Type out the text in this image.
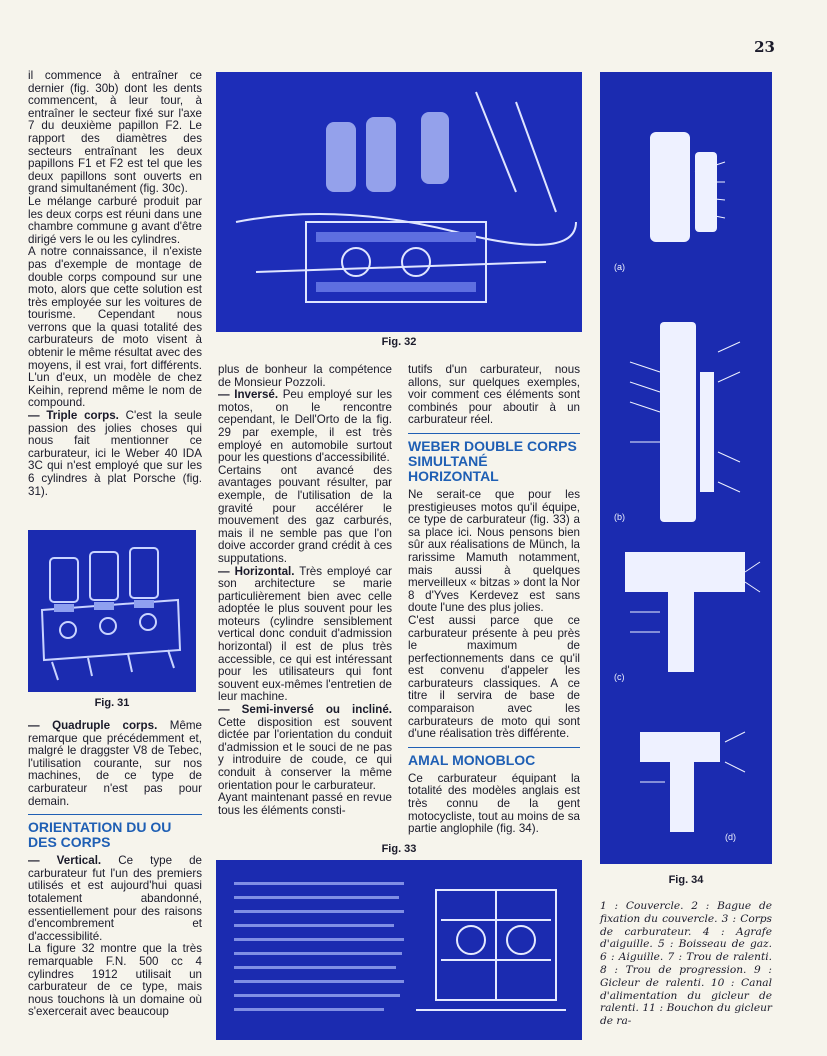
23

il commence à entraîner ce dernier (fig. 30b) dont les dents commencent, à leur tour, à entraîner le secteur fixé sur l'axe 7 du deuxième papillon F2. Le rapport des diamètres des secteurs entraînant les deux papillons F1 et F2 est tel que les deux papillons sont ouverts en grand simultanément (fig. 30c).

Le mélange carburé produit par les deux corps est réuni dans une chambre commune g avant d'être dirigé vers le ou les cylindres.

A notre connaissance, il n'existe pas d'exemple de montage de double corps compound sur une moto, alors que cette solution est très employée sur les voitures de tourisme. Cependant nous verrons que la quasi totalité des carburateurs de moto visent à obtenir le même résultat avec des moyens, il est vrai, fort différents. L'un d'eux, un modèle de chez Keihin, reprend même le nom de compound.

— Triple corps. C'est la seule passion des jolies choses qui nous fait mentionner ce carburateur, ici le Weber 40 IDA 3C qui n'est employé que sur les 6 cylindres à plat Porsche (fig. 31).

Fig. 31

— Quadruple corps. Même remarque que précédemment et, malgré le draggster V8 de Tebec, l'utilisation courante, sur nos machines, de ce type de carburateur n'est pas pour demain.

ORIENTATION DU OU DES CORPS

— Vertical. Ce type de carburateur fut l'un des premiers utilisés et est aujourd'hui quasi totalement abandonné, essentiellement pour des raisons d'encombrement et d'accessibilité.

La figure 32 montre que la très remarquable F.N. 500 cc 4 cylindres 1912 utilisait un carburateur de ce type, mais nous touchons là un domaine où s'exercerait avec beaucoup

Fig. 32

plus de bonheur la compétence de Monsieur Pozzoli.

— Inversé. Peu employé sur les motos, on le rencontre cependant, le Dell'Orto de la fig. 29 par exemple, il est très employé en automobile surtout pour les questions d'accessibilité.

Certains ont avancé des avantages pouvant résulter, par exemple, de l'utilisation de la gravité pour accélérer le mouvement des gaz carburés, mais il ne semble pas que l'on doive accorder grand crédit à ces supputations.

— Horizontal. Très employé car son architecture se marie particulièrement bien avec celle adoptée le plus souvent pour les moteurs (cylindre sensiblement vertical donc conduit d'admission horizontal) il est de plus très accessible, ce qui est intéressant pour les utilisateurs qui font souvent eux-mêmes l'entretien de leur machine.

— Semi-inversé ou incliné. Cette disposition est souvent dictée par l'orientation du conduit d'admission et le souci de ne pas y introduire de coude, ce qui conduit à conserver la même orientation pour le carburateur.

Ayant maintenant passé en revue tous les éléments consti-

tutifs d'un carburateur, nous allons, sur quelques exemples, voir comment ces éléments sont combinés pour aboutir à un carburateur réel.

WEBER DOUBLE CORPS SIMULTANÉ HORIZONTAL

Ne serait-ce que pour les prestigieuses motos qu'il équipe, ce type de carburateur (fig. 33) a sa place ici. Nous pensons bien sûr aux réalisations de Münch, la rarissime Mamuth notamment, mais aussi à quelques merveilleux « bitzas » dont la Nor 8 d'Yves Kerdevez est sans doute l'une des plus jolies.

C'est aussi parce que ce carburateur présente à peu près le maximum de perfectionnements dans ce qu'il est convenu d'appeler les carburateurs classiques. A ce titre il servira de base de comparaison avec les carburateurs de moto qui sont d'une réalisation très différente.

AMAL MONOBLOC

Ce carburateur équipant la totalité des modèles anglais est très connu de la gent motocycliste, tout au moins de sa partie anglophile (fig. 34).

Fig. 33
(a)
(b)
(c)
(d)
Fig. 34
1 : Couvercle. 2 : Bague de fixation du couvercle. 3 : Corps de carburateur. 4 : Agrafe d'aiguille. 5 : Boisseau de gaz. 6 : Aiguille. 7 : Trou de ralenti. 8 : Trou de progression. 9 : Gicleur de ralenti. 10 : Canal d'alimentation du gicleur de ralenti. 11 : Bouchon du gicleur de ra-
